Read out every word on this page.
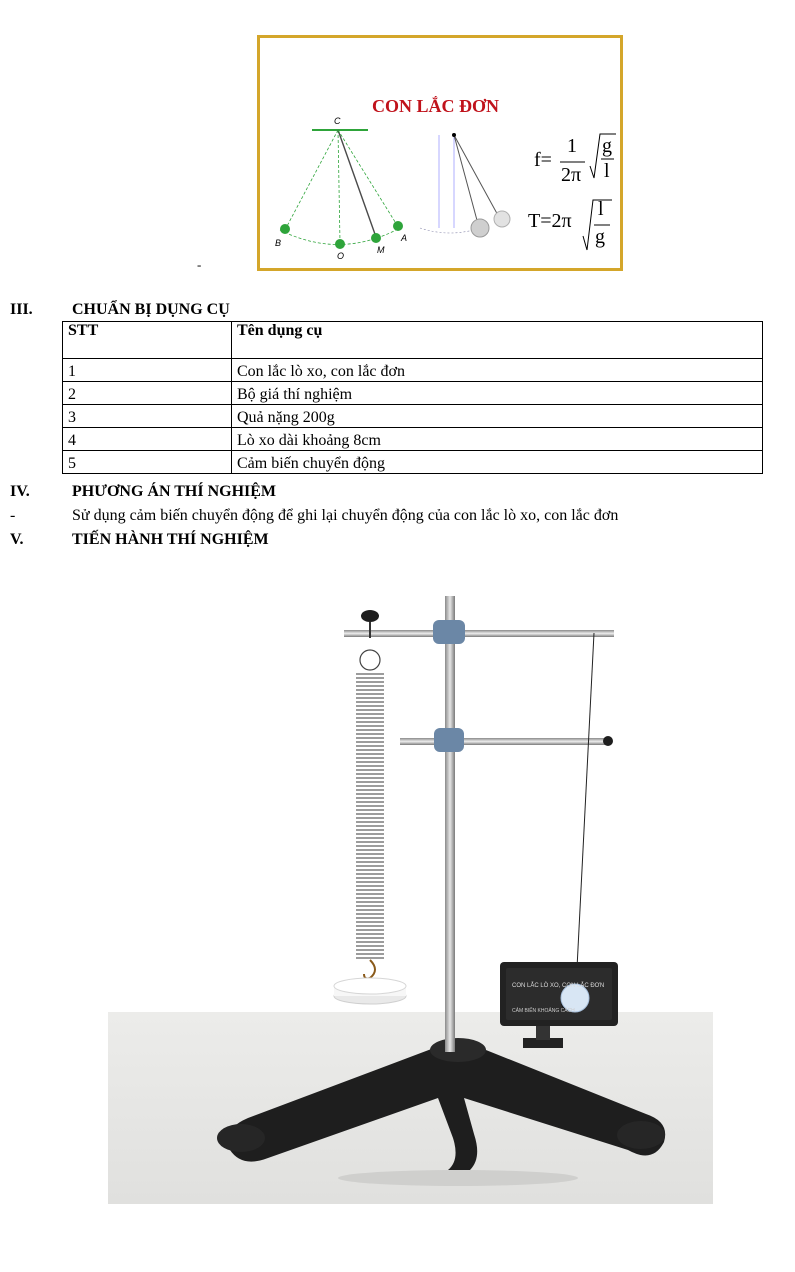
CON LẮC ĐƠN
C
B
O
M
A
f=
1
2π
g
l
T=2π
l
g
-
III. CHUẨN BỊ DỤNG CỤ
STT	Tên dụng cụ
1	Con lắc lò xo, con lắc đơn
2	Bộ giá thí nghiệm
3	Quả nặng 200g
4	Lò xo dài khoảng 8cm
5	Cảm biến chuyển động
IV.	PHƯƠNG ÁN THÍ NGHIỆM
-	Sử dụng cảm biến chuyển động để ghi lại chuyển động của con lắc lò xo, con lắc đơn
V.	TIẾN HÀNH THÍ NGHIỆM
CON LẮC LÒ XO, CON LẮC ĐƠN
CẢM BIẾN KHOẢNG CÁCH
